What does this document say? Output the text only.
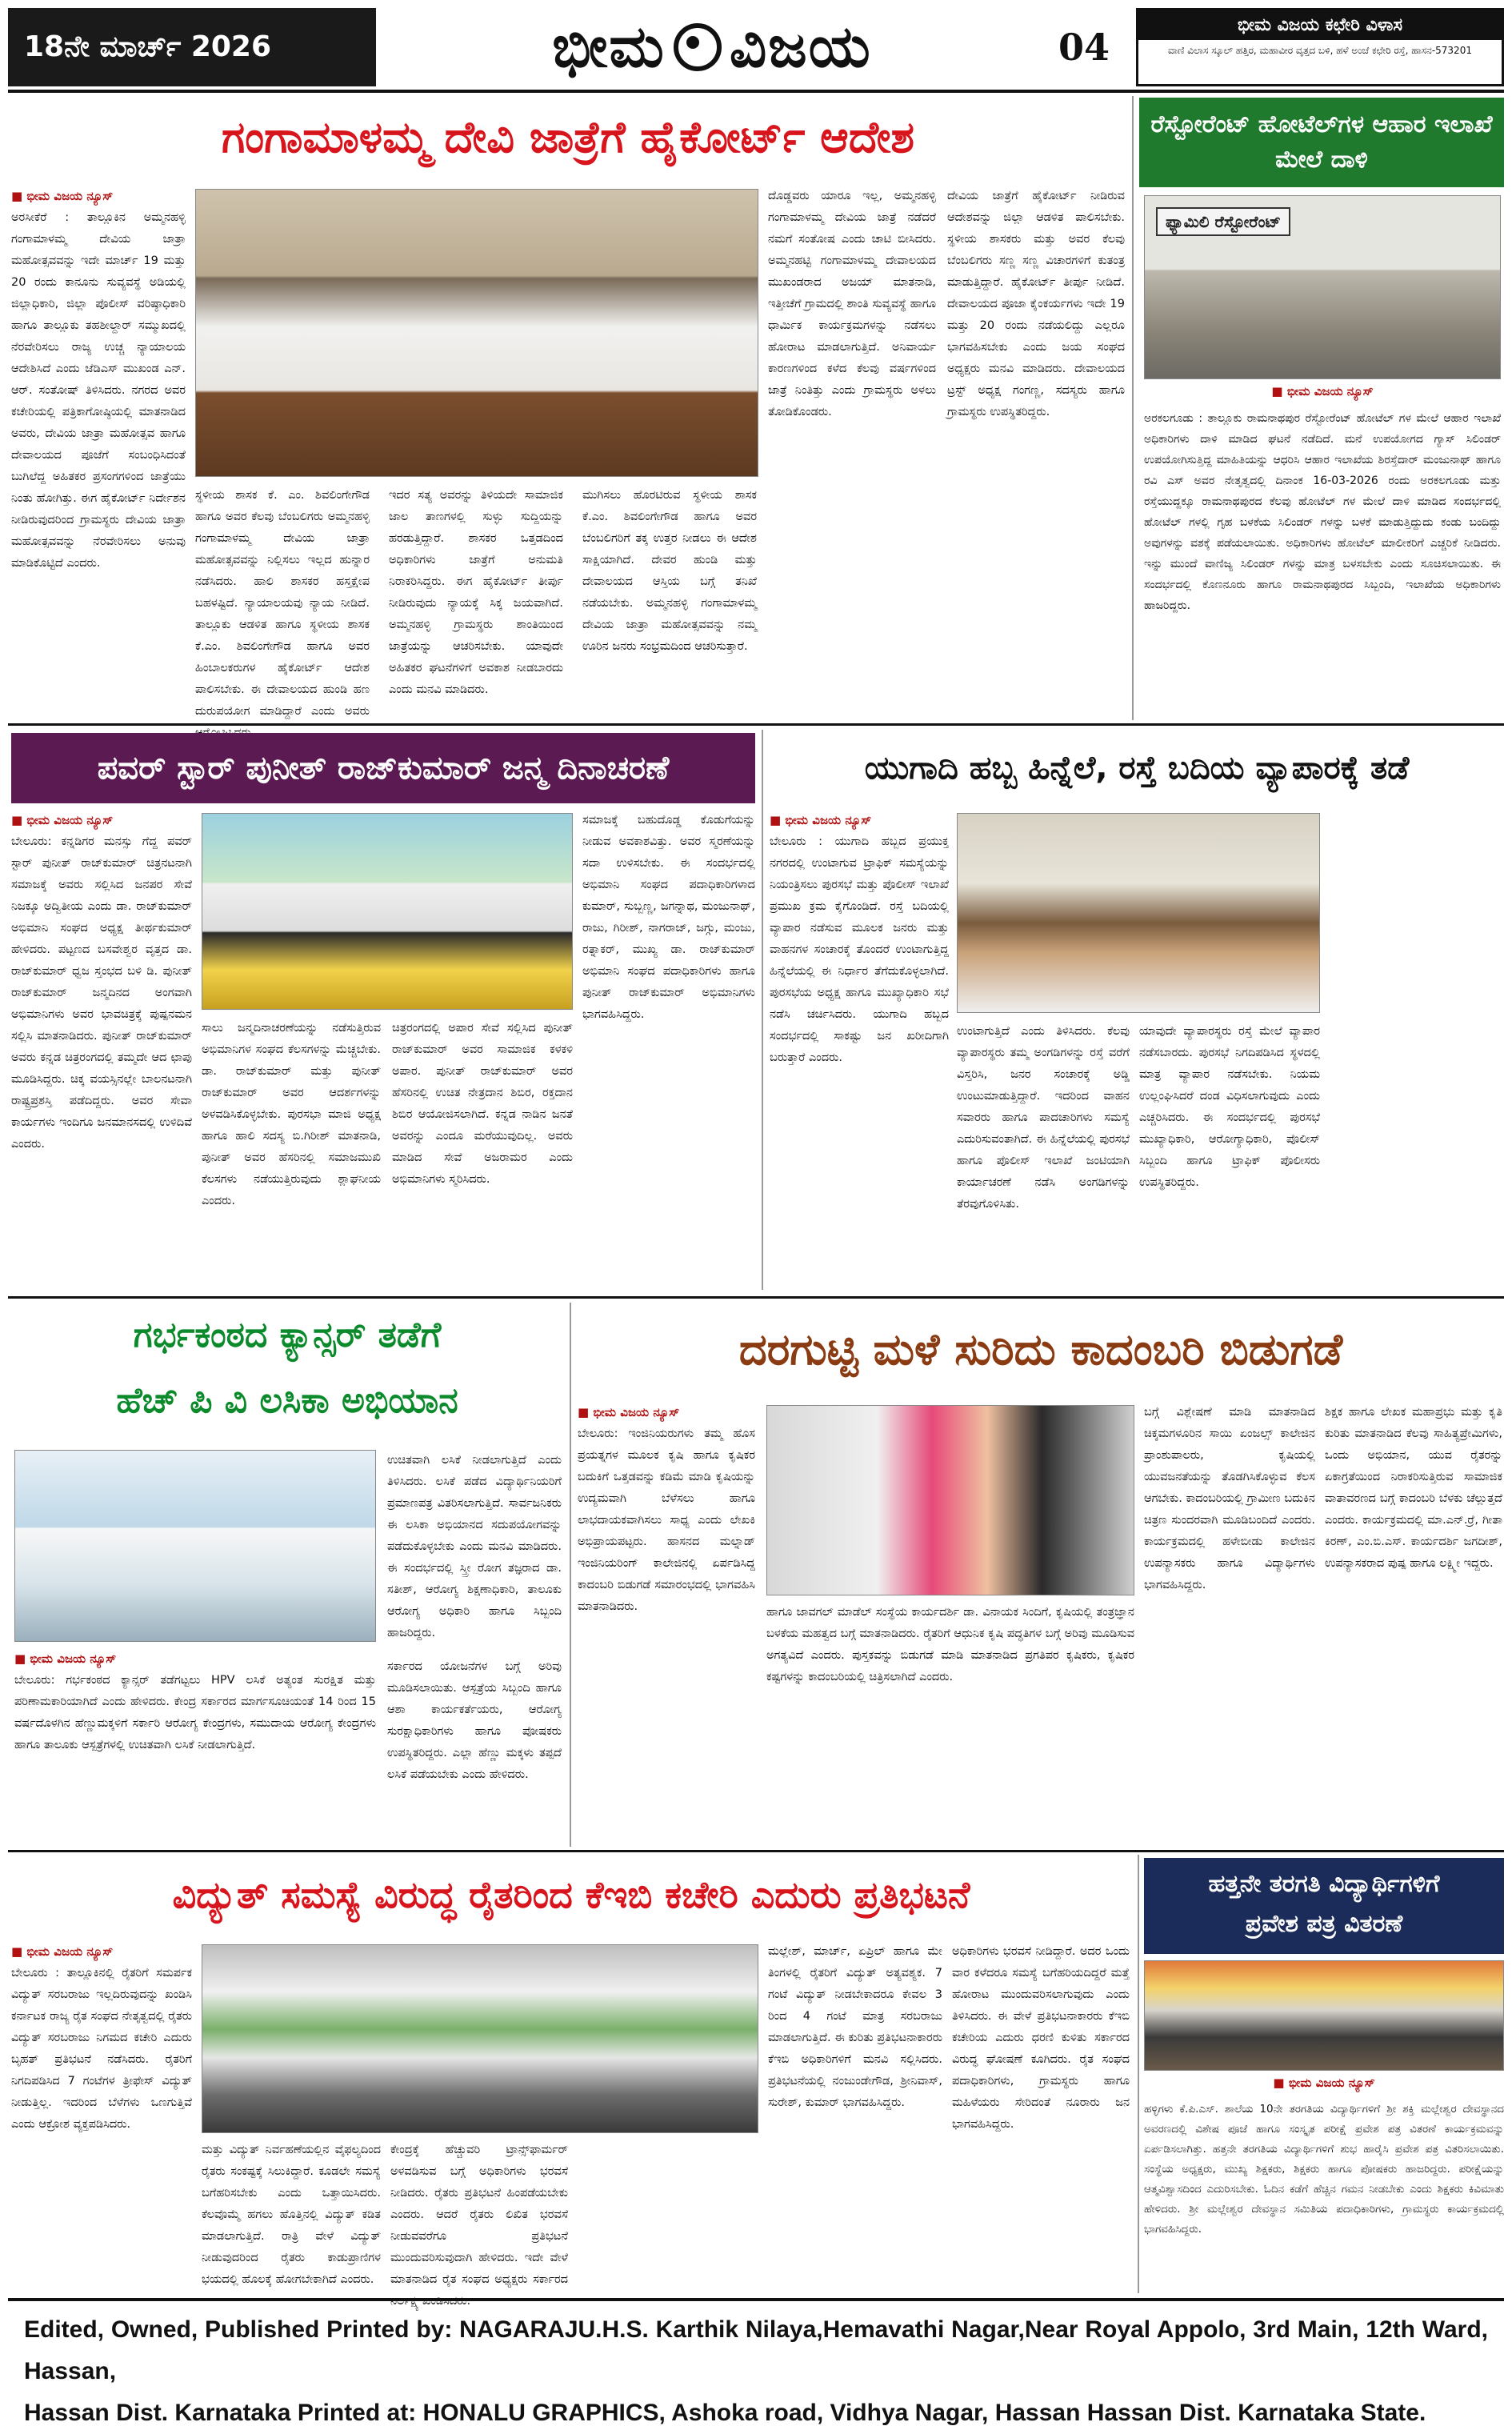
18ನೇ ಮಾರ್ಚ್ 2026	ಭೀಮ ವಿಜಯ	04
ಭೀಮ ವಿಜಯ ಕಛೇರಿ ವಿಳಾಸ
ವಾಣಿ ವಿಲಾಸ ಸ್ಕೂಲ್ ಹತ್ತಿರ, ಮಹಾವೀರ ವೃತ್ತದ ಬಳಿ, ಹಳೆ ಅಂಚೆ ಕಛೇರಿ ರಸ್ತೆ, ಹಾಸನ-573201
ಗಂಗಾಮಾಳಮ್ಮ ದೇವಿ ಜಾತ್ರೆಗೆ ಹೈಕೋರ್ಟ್ ಆದೇಶ
■ ಭೀಮ ವಿಜಯ ನ್ಯೂಸ್
ಅರಸೀಕೆರೆ : ತಾಲ್ಲೂಕಿನ ಅಮ್ಮನಹಳ್ಳಿ ಗಂಗಾಮಾಳಮ್ಮ ದೇವಿಯ ಜಾತ್ರಾ ಮಹೋತ್ಸವವನ್ನು ಇದೇ ಮಾರ್ಚ್ 19 ಮತ್ತು 20 ರಂದು ಕಾನೂನು ಸುವ್ಯವಸ್ಥೆ ಅಡಿಯಲ್ಲಿ ಜಿಲ್ಲಾಧಿಕಾರಿ, ಜಿಲ್ಲಾ ಪೊಲೀಸ್ ವರಿಷ್ಠಾಧಿಕಾರಿ ಹಾಗೂ ತಾಲ್ಲೂಕು ತಹಶೀಲ್ದಾರ್ ಸಮ್ಮುಖದಲ್ಲಿ ನೆರವೇರಿಸಲು ರಾಜ್ಯ ಉಚ್ಚ ನ್ಯಾಯಾಲಯ ಆದೇಶಿಸಿದೆ ಎಂದು ಜೆಡಿಎಸ್ ಮುಖಂಡ ಎನ್. ಆರ್. ಸಂತೋಷ್ ತಿಳಿಸಿದರು. ನಗರದ ಅವರ ಕಚೇರಿಯಲ್ಲಿ ಪತ್ರಿಕಾಗೋಷ್ಠಿಯಲ್ಲಿ ಮಾತನಾಡಿದ ಅವರು, ದೇವಿಯ ಜಾತ್ರಾ ಮಹೋತ್ಸವ ಹಾಗೂ ದೇವಾಲಯದ ಪೂಜೆಗೆ ಸಂಬಂಧಿಸಿದಂತೆ ಬುಗಿಲೆದ್ದ ಅಹಿತಕರ ಪ್ರಸಂಗಗಳಿಂದ ಜಾತ್ರೆಯು ನಿಂತು ಹೋಗಿತ್ತು. ಈಗ ಹೈಕೋರ್ಟ್ ನಿರ್ದೇಶನ ನೀಡಿರುವುದರಿಂದ ಗ್ರಾಮಸ್ಥರು ದೇವಿಯ ಜಾತ್ರಾ ಮಹೋತ್ಸವವನ್ನು ನೆರವೇರಿಸಲು ಅನುವು ಮಾಡಿಕೊಟ್ಟಿದೆ ಎಂದರು.
ಸ್ಥಳೀಯ ಶಾಸಕ ಕೆ. ಎಂ. ಶಿವಲಿಂಗೇಗೌಡ ಹಾಗೂ ಅವರ ಕೆಲವು ಬೆಂಬಲಿಗರು ಅಮ್ಮನಹಳ್ಳಿ ಗಂಗಾಮಾಳಮ್ಮ ದೇವಿಯ ಜಾತ್ರಾ ಮಹೋತ್ಸವವನ್ನು ನಿಲ್ಲಿಸಲು ಇಲ್ಲದ ಹುನ್ನಾರ ನಡೆಸಿದರು. ಹಾಲಿ ಶಾಸಕರ ಹಸ್ತಕ್ಷೇಪ ಬಹಳಷ್ಟಿದೆ. ನ್ಯಾಯಾಲಯವು ನ್ಯಾಯ ನೀಡಿದೆ. ತಾಲ್ಲೂಕು ಆಡಳಿತ ಹಾಗೂ ಸ್ಥಳೀಯ ಶಾಸಕ ಕೆ.ಎಂ. ಶಿವಲಿಂಗೇಗೌಡ ಹಾಗೂ ಅವರ ಹಿಂಬಾಲಕರುಗಳ ಹೈಕೋರ್ಟ್ ಆದೇಶ ಪಾಲಿಸಬೇಕು. ಈ ದೇವಾಲಯದ ಹುಂಡಿ ಹಣ ದುರುಪಯೋಗ ಮಾಡಿದ್ದಾರೆ ಎಂದು ಅವರು
ಇದರ ಸತ್ಯ ಅವರನ್ನು ತಿಳಿಯದೇ ಸಾಮಾಜಿಕ ಜಾಲ ತಾಣಗಳಲ್ಲಿ ಸುಳ್ಳು ಸುದ್ದಿಯನ್ನು ಹರಡುತ್ತಿದ್ದಾರೆ. ಶಾಸಕರ ಒತ್ತಡದಿಂದ ಅಧಿಕಾರಿಗಳು ಜಾತ್ರೆಗೆ ಅನುಮತಿ ನಿರಾಕರಿಸಿದ್ದರು. ಈಗ ಹೈಕೋರ್ಟ್ ತೀರ್ಪು ನೀಡಿರುವುದು ನ್ಯಾಯಕ್ಕೆ ಸಿಕ್ಕ ಜಯವಾಗಿದೆ. ಅಮ್ಮನಹಳ್ಳಿ ಗ್ರಾಮಸ್ಥರು ಶಾಂತಿಯಿಂದ ಜಾತ್ರೆಯನ್ನು ಆಚರಿಸಬೇಕು. ಯಾವುದೇ ಅಹಿತಕರ ಘಟನೆಗಳಿಗೆ ಅವಕಾಶ ನೀಡಬಾರದು ಎಂದು ಮನವಿ ಮಾಡಿದರು.
ಮುಗಿಸಲು ಹೊರಟಿರುವ ಸ್ಥಳೀಯ ಶಾಸಕ ಕೆ.ಎಂ. ಶಿವಲಿಂಗೇಗೌಡ ಹಾಗೂ ಅವರ ಬೆಂಬಲಿಗರಿಗೆ ತಕ್ಕ ಉತ್ತರ ನೀಡಲು ಈ ಆದೇಶ ಸಾಕ್ಷಿಯಾಗಿದೆ. ದೇವರ ಹುಂಡಿ ಮತ್ತು ದೇವಾಲಯದ ಆಸ್ತಿಯ ಬಗ್ಗೆ ತನಿಖೆ ನಡೆಯಬೇಕು. ಅಮ್ಮನಹಳ್ಳಿ ಗಂಗಾಮಾಳಮ್ಮ ದೇವಿಯ ಜಾತ್ರಾ ಮಹೋತ್ಸವವನ್ನು ನಮ್ಮ ಊರಿನ ಜನರು ಸಂಭ್ರಮದಿಂದ ಆಚರಿಸುತ್ತಾರೆ.
ದೊಡ್ಡವರು ಯಾರೂ ಇಲ್ಲ, ಅಮ್ಮನಹಳ್ಳಿ ಗಂಗಾಮಾಳಮ್ಮ ದೇವಿಯ ಜಾತ್ರೆ ನಡೆದರೆ ನಮಗೆ ಸಂತೋಷ ಎಂದು ಚಾಟಿ ಬೀಸಿದರು. ಅಮ್ಮನಹಟ್ಟಿ ಗಂಗಾಮಾಳಮ್ಮ ದೇವಾಲಯದ ಮುಖಂಡರಾದ ಅಜಯ್ ಮಾತನಾಡಿ, ಇತ್ತೀಚೆಗೆ ಗ್ರಾಮದಲ್ಲಿ ಶಾಂತಿ ಸುವ್ಯವಸ್ಥೆ ಹಾಗೂ ಧಾರ್ಮಿಕ ಕಾರ್ಯಕ್ರಮಗಳನ್ನು ನಡೆಸಲು ಹೋರಾಟ ಮಾಡಲಾಗುತ್ತಿದೆ. ಅನಿವಾರ್ಯ ಕಾರಣಗಳಿಂದ ಕಳೆದ ಕೆಲವು ವರ್ಷಗಳಿಂದ ಜಾತ್ರೆ ನಿಂತಿತ್ತು ಎಂದು ಗ್ರಾಮಸ್ಥರು ಅಳಲು ತೋಡಿಕೊಂಡರು.
ದೇವಿಯ ಜಾತ್ರೆಗೆ ಹೈಕೋರ್ಟ್ ನೀಡಿರುವ ಆದೇಶವನ್ನು ಜಿಲ್ಲಾ ಆಡಳಿತ ಪಾಲಿಸಬೇಕು. ಸ್ಥಳೀಯ ಶಾಸಕರು ಮತ್ತು ಅವರ ಕೆಲವು ಬೆಂಬಲಿಗರು ಸಣ್ಣ ಸಣ್ಣ ವಿಚಾರಗಳಿಗೆ ಕುತಂತ್ರ ಮಾಡುತ್ತಿದ್ದಾರೆ. ಹೈಕೋರ್ಟ್ ತೀರ್ಪು ನೀಡಿದೆ. ದೇವಾಲಯದ ಪೂಜಾ ಕೈಂಕರ್ಯಗಳು ಇದೇ 19 ಮತ್ತು 20 ರಂದು ನಡೆಯಲಿದ್ದು ಎಲ್ಲರೂ ಭಾಗವಹಿಸಬೇಕು ಎಂದು ಜಯ ಸಂಘದ ಅಧ್ಯಕ್ಷರು ಮನವಿ ಮಾಡಿದರು. ದೇವಾಲಯದ ಟ್ರಸ್ಟ್ ಅಧ್ಯಕ್ಷ ಗಂಗಣ್ಣ, ಸದಸ್ಯರು ಹಾಗೂ ಗ್ರಾಮಸ್ಥರು ಉಪಸ್ಥಿತರಿದ್ದರು.
ರೆಸ್ಟೋರೆಂಟ್ ಹೋಟೆಲ್‌ಗಳ ಆಹಾರ ಇಲಾಖೆ ಮೇಲೆ ದಾಳಿ
ಫ್ಯಾಮಿಲಿ ರೆಸ್ಟೋರೆಂಟ್
■ ಭೀಮ ವಿಜಯ ನ್ಯೂಸ್
ಅರಕಲಗೂಡು : ತಾಲ್ಲೂಕು ರಾಮನಾಥಪುರ ರೆಸ್ಟೋರೆಂಟ್ ಹೋಟೆಲ್ ಗಳ ಮೇಲೆ ಆಹಾರ ಇಲಾಖೆ ಅಧಿಕಾರಿಗಳು ದಾಳಿ ಮಾಡಿದ ಘಟನೆ ನಡೆದಿದೆ. ಮನೆ ಉಪಯೋಗದ ಗ್ಯಾಸ್ ಸಿಲಿಂಡರ್ ಉಪಯೋಗಿಸುತ್ತಿದ್ದ ಮಾಹಿತಿಯನ್ನು ಆಧರಿಸಿ ಆಹಾರ ಇಲಾಖೆಯ ಶಿರಸ್ತೆದಾರ್ ಮಂಜುನಾಥ್ ಹಾಗೂ ರವಿ ಎಸ್ ಅವರ ನೇತೃತ್ವದಲ್ಲಿ ದಿನಾಂಕ 16-03-2026 ರಂದು ಅರಕಲಗೂಡು ಮತ್ತು ರಸ್ತೆಯುದ್ದಕ್ಕೂ ರಾಮನಾಥಪುರದ ಕೆಲವು ಹೋಟೆಲ್ ಗಳ ಮೇಲೆ ದಾಳಿ ಮಾಡಿದ ಸಂದರ್ಭದಲ್ಲಿ ಹೋಟೆಲ್ ಗಳಲ್ಲಿ ಗೃಹ ಬಳಕೆಯ ಸಿಲಿಂಡರ್ ಗಳನ್ನು ಬಳಕೆ ಮಾಡುತ್ತಿದ್ದುದು ಕಂಡು ಬಂದಿದ್ದು ಅವುಗಳನ್ನು ವಶಕ್ಕೆ ಪಡೆಯಲಾಯಿತು. ಅಧಿಕಾರಿಗಳು ಹೋಟೆಲ್ ಮಾಲೀಕರಿಗೆ ಎಚ್ಚರಿಕೆ ನೀಡಿದರು. ಇನ್ನು ಮುಂದೆ ವಾಣಿಜ್ಯ ಸಿಲಿಂಡರ್ ಗಳನ್ನು ಮಾತ್ರ ಬಳಸಬೇಕು ಎಂದು ಸೂಚಿಸಲಾಯಿತು. ಈ ಸಂದರ್ಭದಲ್ಲಿ ಕೊಣನೂರು ಹಾಗೂ ರಾಮನಾಥಪುರದ ಸಿಬ್ಬಂದಿ, ಇಲಾಖೆಯ ಅಧಿಕಾರಿಗಳು ಹಾಜರಿದ್ದರು.
ಪವರ್ ಸ್ಟಾರ್ ಪುನೀತ್ ರಾಜ್‌ಕುಮಾರ್ ಜನ್ಮ ದಿನಾಚರಣೆ
■ ಭೀಮ ವಿಜಯ ನ್ಯೂಸ್
ಬೇಲೂರು: ಕನ್ನಡಿಗರ ಮನಸ್ಸು ಗೆದ್ದ ಪವರ್ ಸ್ಟಾರ್ ಪುನೀತ್ ರಾಜ್‌ಕುಮಾರ್ ಚಿತ್ರನಟನಾಗಿ ಸಮಾಜಕ್ಕೆ ಅವರು ಸಲ್ಲಿಸಿದ ಜನಪರ ಸೇವೆ ನಿಜಕ್ಕೂ ಅದ್ವಿತೀಯ ಎಂದು ಡಾ. ರಾಜ್‌ಕುಮಾರ್ ಅಭಿಮಾನಿ ಸಂಘದ ಅಧ್ಯಕ್ಷ ತೀರ್ಥಕುಮಾರ್ ಹೇಳಿದರು. ಪಟ್ಟಣದ ಬಸವೇಶ್ವರ ವೃತ್ತದ ಡಾ. ರಾಜ್‌ಕುಮಾರ್ ಧ್ವಜ ಸ್ತಂಭದ ಬಳಿ ಡಿ. ಪುನೀತ್ ರಾಜ್‌ಕುಮಾರ್ ಜನ್ಮದಿನದ ಅಂಗವಾಗಿ ಅಭಿಮಾನಿಗಳು ಅವರ ಭಾವಚಿತ್ರಕ್ಕೆ ಪುಷ್ಪನಮನ ಸಲ್ಲಿಸಿ ಮಾತನಾಡಿದರು. ಪುನೀತ್ ರಾಜ್‌ಕುಮಾರ್ ಅವರು ಕನ್ನಡ ಚಿತ್ರರಂಗದಲ್ಲಿ ತಮ್ಮದೇ ಆದ ಛಾಪು ಮೂಡಿಸಿದ್ದರು. ಚಿಕ್ಕ ವಯಸ್ಸಿನಲ್ಲೇ ಬಾಲನಟನಾಗಿ ರಾಷ್ಟ್ರಪ್ರಶಸ್ತಿ ಪಡೆದಿದ್ದರು. ಅವರ ಸೇವಾ ಕಾರ್ಯಗಳು ಇಂದಿಗೂ ಜನಮಾನಸದಲ್ಲಿ ಉಳಿದಿವೆ ಎಂದರು.
ಸಾಲು ಜನ್ಮದಿನಾಚರಣೆಯನ್ನು ನಡೆಸುತ್ತಿರುವ ಅಭಿಮಾನಿಗಳ ಸಂಘದ ಕೆಲಸಗಳನ್ನು ಮೆಚ್ಚಬೇಕು. ಡಾ. ರಾಜ್‌ಕುಮಾರ್ ಮತ್ತು ಪುನೀತ್ ರಾಜ್‌ಕುಮಾರ್ ಅವರ ಆದರ್ಶಗಳನ್ನು ಅಳವಡಿಸಿಕೊಳ್ಳಬೇಕು. ಪುರಸಭಾ ಮಾಜಿ ಅಧ್ಯಕ್ಷ ಹಾಗೂ ಹಾಲಿ ಸದಸ್ಯ ಬಿ.ಗಿರೀಶ್ ಮಾತನಾಡಿ, ಪುನೀತ್ ಅವರ ಹೆಸರಿನಲ್ಲಿ ಸಮಾಜಮುಖಿ ಕೆಲಸಗಳು ನಡೆಯುತ್ತಿರುವುದು ಶ್ಲಾಘನೀಯ ಎಂದರು.
ಚಿತ್ರರಂಗದಲ್ಲಿ ಅಪಾರ ಸೇವೆ ಸಲ್ಲಿಸಿದ ಪುನೀತ್ ರಾಜ್‌ಕುಮಾರ್ ಅವರ ಸಾಮಾಜಿಕ ಕಳಕಳಿ ಅಪಾರ. ಪುನೀತ್ ರಾಜ್‌ಕುಮಾರ್ ಅವರ ಹೆಸರಿನಲ್ಲಿ ಉಚಿತ ನೇತ್ರದಾನ ಶಿಬಿರ, ರಕ್ತದಾನ ಶಿಬಿರ ಆಯೋಜಿಸಲಾಗಿದೆ. ಕನ್ನಡ ನಾಡಿನ ಜನತೆ ಅವರನ್ನು ಎಂದೂ ಮರೆಯುವುದಿಲ್ಲ. ಅವರು ಮಾಡಿದ ಸೇವೆ ಅಜರಾಮರ ಎಂದು ಅಭಿಮಾನಿಗಳು ಸ್ಮರಿಸಿದರು.
ಸಮಾಜಕ್ಕೆ ಬಹುದೊಡ್ಡ ಕೊಡುಗೆಯನ್ನು ನೀಡುವ ಅವಕಾಶವಿತ್ತು. ಅವರ ಸ್ಮರಣೆಯನ್ನು ಸದಾ ಉಳಿಸಬೇಕು. ಈ ಸಂದರ್ಭದಲ್ಲಿ ಅಭಿಮಾನಿ ಸಂಘದ ಪದಾಧಿಕಾರಿಗಳಾದ ಕುಮಾರ್, ಸುಬ್ಬಣ್ಣ, ಜಗನ್ನಾಥ, ಮಂಜುನಾಥ್, ರಾಜು, ಗಿರೀಶ್, ನಾಗರಾಜ್, ಜಗ್ಗು, ಮಂಜು, ರತ್ನಾಕರ್, ಮುಖ್ಯ ಡಾ. ರಾಜ್‌ಕುಮಾರ್ ಅಭಿಮಾನಿ ಸಂಘದ ಪದಾಧಿಕಾರಿಗಳು ಹಾಗೂ ಪುನೀತ್ ರಾಜ್‌ಕುಮಾರ್ ಅಭಿಮಾನಿಗಳು ಭಾಗವಹಿಸಿದ್ದರು.
ಯುಗಾದಿ ಹಬ್ಬ ಹಿನ್ನೆಲೆ, ರಸ್ತೆ ಬದಿಯ ವ್ಯಾಪಾರಕ್ಕೆ ತಡೆ
■ ಭೀಮ ವಿಜಯ ನ್ಯೂಸ್
ಬೇಲೂರು : ಯುಗಾದಿ ಹಬ್ಬದ ಪ್ರಯುಕ್ತ ನಗರದಲ್ಲಿ ಉಂಟಾಗುವ ಟ್ರಾಫಿಕ್ ಸಮಸ್ಯೆಯನ್ನು ನಿಯಂತ್ರಿಸಲು ಪುರಸಭೆ ಮತ್ತು ಪೊಲೀಸ್ ಇಲಾಖೆ ಪ್ರಮುಖ ಕ್ರಮ ಕೈಗೊಂಡಿದೆ. ರಸ್ತೆ ಬದಿಯಲ್ಲಿ ವ್ಯಾಪಾರ ನಡೆಸುವ ಮೂಲಕ ಜನರು ಮತ್ತು ವಾಹನಗಳ ಸಂಚಾರಕ್ಕೆ ತೊಂದರೆ ಉಂಟಾಗುತ್ತಿದ್ದ ಹಿನ್ನೆಲೆಯಲ್ಲಿ ಈ ನಿರ್ಧಾರ ತೆಗೆದುಕೊಳ್ಳಲಾಗಿದೆ. ಪುರಸಭೆಯ ಅಧ್ಯಕ್ಷ ಹಾಗೂ ಮುಖ್ಯಾಧಿಕಾರಿ ಸಭೆ ನಡೆಸಿ ಚರ್ಚಿಸಿದರು. ಯುಗಾದಿ ಹಬ್ಬದ ಸಂದರ್ಭದಲ್ಲಿ ಸಾಕಷ್ಟು ಜನ ಖರೀದಿಗಾಗಿ ಬರುತ್ತಾರೆ ಎಂದರು.
ಉಂಟಾಗುತ್ತಿದೆ ಎಂದು ತಿಳಿಸಿದರು. ಕೆಲವು ವ್ಯಾಪಾರಸ್ಥರು ತಮ್ಮ ಅಂಗಡಿಗಳನ್ನು ರಸ್ತೆ ವರೆಗೆ ವಿಸ್ತರಿಸಿ, ಜನರ ಸಂಚಾರಕ್ಕೆ ಅಡ್ಡಿ ಉಂಟುಮಾಡುತ್ತಿದ್ದಾರೆ. ಇದರಿಂದ ವಾಹನ ಸವಾರರು ಹಾಗೂ ಪಾದಚಾರಿಗಳು ಸಮಸ್ಯೆ ಎದುರಿಸುವಂತಾಗಿದೆ. ಈ ಹಿನ್ನೆಲೆಯಲ್ಲಿ ಪುರಸಭೆ ಹಾಗೂ ಪೊಲೀಸ್ ಇಲಾಖೆ ಜಂಟಿಯಾಗಿ ಕಾರ್ಯಾಚರಣೆ ನಡೆಸಿ ಅಂಗಡಿಗಳನ್ನು ತೆರವುಗೊಳಿಸಿತು.
ಯಾವುದೇ ವ್ಯಾಪಾರಸ್ಥರು ರಸ್ತೆ ಮೇಲೆ ವ್ಯಾಪಾರ ನಡೆಸಬಾರದು. ಪುರಸಭೆ ನಿಗದಿಪಡಿಸಿದ ಸ್ಥಳದಲ್ಲಿ ಮಾತ್ರ ವ್ಯಾಪಾರ ನಡೆಸಬೇಕು. ನಿಯಮ ಉಲ್ಲಂಘಿಸಿದರೆ ದಂಡ ವಿಧಿಸಲಾಗುವುದು ಎಂದು ಎಚ್ಚರಿಸಿದರು. ಈ ಸಂದರ್ಭದಲ್ಲಿ ಪುರಸಭೆ ಮುಖ್ಯಾಧಿಕಾರಿ, ಆರೋಗ್ಯಾಧಿಕಾರಿ, ಪೊಲೀಸ್ ಸಿಬ್ಬಂದಿ ಹಾಗೂ ಟ್ರಾಫಿಕ್ ಪೊಲೀಸರು ಉಪಸ್ಥಿತರಿದ್ದರು.
ಗರ್ಭಕಂಠದ ಕ್ಯಾನ್ಸರ್ ತಡೆಗೆ
ಹೆಚ್ ಪಿ ವಿ ಲಸಿಕಾ ಅಭಿಯಾನ
■ ಭೀಮ ವಿಜಯ ನ್ಯೂಸ್
ಬೇಲೂರು: ಗರ್ಭಕಂಠದ ಕ್ಯಾನ್ಸರ್ ತಡೆಗಟ್ಟಲು HPV ಲಸಿಕೆ ಅತ್ಯಂತ ಸುರಕ್ಷಿತ ಮತ್ತು ಪರಿಣಾಮಕಾರಿಯಾಗಿದೆ ಎಂದು ಹೇಳಿದರು. ಕೇಂದ್ರ ಸರ್ಕಾರದ ಮಾರ್ಗಸೂಚಿಯಂತೆ 14 ರಿಂದ 15 ವರ್ಷದೊಳಗಿನ ಹೆಣ್ಣುಮಕ್ಕಳಿಗೆ ಸರ್ಕಾರಿ ಆರೋಗ್ಯ ಕೇಂದ್ರಗಳು, ಸಮುದಾಯ ಆರೋಗ್ಯ ಕೇಂದ್ರಗಳು ಹಾಗೂ ತಾಲೂಕು ಆಸ್ಪತ್ರೆಗಳಲ್ಲಿ ಉಚಿತವಾಗಿ ಲಸಿಕೆ ನೀಡಲಾಗುತ್ತಿದೆ.
ಉಚಿತವಾಗಿ ಲಸಿಕೆ ನೀಡಲಾಗುತ್ತಿದೆ ಎಂದು ತಿಳಿಸಿದರು. ಲಸಿಕೆ ಪಡೆದ ವಿದ್ಯಾರ್ಥಿನಿಯರಿಗೆ ಪ್ರಮಾಣಪತ್ರ ವಿತರಿಸಲಾಗುತ್ತಿದೆ. ಸಾರ್ವಜನಿಕರು ಈ ಲಸಿಕಾ ಅಭಿಯಾನದ ಸದುಪಯೋಗವನ್ನು ಪಡೆದುಕೊಳ್ಳಬೇಕು ಎಂದು ಮನವಿ ಮಾಡಿದರು. ಈ ಸಂದರ್ಭದಲ್ಲಿ ಸ್ತ್ರೀ ರೋಗ ತಜ್ಞರಾದ ಡಾ. ಸತೀಶ್, ಆರೋಗ್ಯ ಶಿಕ್ಷಣಾಧಿಕಾರಿ, ತಾಲೂಕು ಆರೋಗ್ಯ ಅಧಿಕಾರಿ ಹಾಗೂ ಸಿಬ್ಬಂದಿ ಹಾಜರಿದ್ದರು.
ಸರ್ಕಾರದ ಯೋಜನೆಗಳ ಬಗ್ಗೆ ಅರಿವು ಮೂಡಿಸಲಾಯಿತು. ಆಸ್ಪತ್ರೆಯ ಸಿಬ್ಬಂದಿ ಹಾಗೂ ಆಶಾ ಕಾರ್ಯಕರ್ತೆಯರು, ಆರೋಗ್ಯ ಸುರಕ್ಷಾಧಿಕಾರಿಗಳು ಹಾಗೂ ಪೋಷಕರು ಉಪಸ್ಥಿತರಿದ್ದರು. ಎಲ್ಲಾ ಹೆಣ್ಣು ಮಕ್ಕಳು ತಪ್ಪದೆ ಲಸಿಕೆ ಪಡೆಯಬೇಕು ಎಂದು ಹೇಳಿದರು.
ದರಗುಟ್ಟಿ ಮಳೆ ಸುರಿದು ಕಾದಂಬರಿ ಬಿಡುಗಡೆ
■ ಭೀಮ ವಿಜಯ ನ್ಯೂಸ್
ಬೇಲೂರು: ಇಂಜಿನಿಯರುಗಳು ತಮ್ಮ ಹೊಸ ಪ್ರಯತ್ನಗಳ ಮೂಲಕ ಕೃಷಿ ಹಾಗೂ ಕೃಷಿಕರ ಬದುಕಿಗೆ ಒತ್ತಡವನ್ನು ಕಡಿಮೆ ಮಾಡಿ ಕೃಷಿಯನ್ನು ಉದ್ಯಮವಾಗಿ ಬೆಳೆಸಲು ಹಾಗೂ ಲಾಭದಾಯಕವಾಗಿಸಲು ಸಾಧ್ಯ ಎಂದು ಲೇಖಕಿ ಅಭಿಪ್ರಾಯಪಟ್ಟರು. ಹಾಸನದ ಮಲ್ನಾಡ್ ಇಂಜಿನಿಯರಿಂಗ್ ಕಾಲೇಜಿನಲ್ಲಿ ಏರ್ಪಡಿಸಿದ್ದ ಕಾದಂಬರಿ ಬಿಡುಗಡೆ ಸಮಾರಂಭದಲ್ಲಿ ಭಾಗವಹಿಸಿ ಮಾತನಾಡಿದರು.	ಹಾಗೂ ಜಾವಗಲ್ ಮಾಡೆಲ್ ಸಂಸ್ಥೆಯ ಕಾರ್ಯದರ್ಶಿ ಡಾ. ವಿನಾಯಕ ಸಿಂದಿಗೆ, ಕೃಷಿಯಲ್ಲಿ ತಂತ್ರಜ್ಞಾನ ಬಳಕೆಯ ಮಹತ್ವದ ಬಗ್ಗೆ ಮಾತನಾಡಿದರು. ರೈತರಿಗೆ ಆಧುನಿಕ ಕೃಷಿ ಪದ್ಧತಿಗಳ ಬಗ್ಗೆ ಅರಿವು ಮೂಡಿಸುವ ಅಗತ್ಯವಿದೆ ಎಂದರು. ಪುಸ್ತಕವನ್ನು ಬಿಡುಗಡೆ ಮಾಡಿ ಮಾತನಾಡಿದ ಪ್ರಗತಿಪರ ಕೃಷಿಕರು, ಕೃಷಿಕರ ಕಷ್ಟಗಳನ್ನು ಕಾದಂಬರಿಯಲ್ಲಿ ಚಿತ್ರಿಸಲಾಗಿದೆ ಎಂದರು.
ಬಗ್ಗೆ ವಿಶ್ಲೇಷಣೆ ಮಾಡಿ ಮಾತನಾಡಿದ ಚಿಕ್ಕಮಗಳೂರಿನ ಸಾಯಿ ಏಂಜಲ್ಸ್ ಕಾಲೇಜಿನ ಪ್ರಾಂಶುಪಾಲರು, ಕೃಷಿಯಲ್ಲಿ ಯುವಜನತೆಯನ್ನು ತೊಡಗಿಸಿಕೊಳ್ಳುವ ಕೆಲಸ ಆಗಬೇಕು. ಕಾದಂಬರಿಯಲ್ಲಿ ಗ್ರಾಮೀಣ ಬದುಕಿನ ಚಿತ್ರಣ ಸುಂದರವಾಗಿ ಮೂಡಿಬಂದಿದೆ ಎಂದರು. ಕಾರ್ಯಕ್ರಮದಲ್ಲಿ ಹಳೇಬೀಡು ಕಾಲೇಜಿನ ಉಪನ್ಯಾಸಕರು ಹಾಗೂ ವಿದ್ಯಾರ್ಥಿಗಳು ಭಾಗವಹಿಸಿದ್ದರು.
ಶಿಕ್ಷಕ ಹಾಗೂ ಲೇಖಕ ಮಹಾಪ್ರಭು ಮತ್ತು ಕೃತಿ ಕುರಿತು ಮಾತನಾಡಿದ ಕೆಲವು ಸಾಹಿತ್ಯಪ್ರೇಮಿಗಳು, ಒಂದು ಅಭಿಯಾನ, ಯುವ ರೈತರನ್ನು ಏಕಾಗ್ರತೆಯಿಂದ ನಿರಾಕರಿಸುತ್ತಿರುವ ಸಾಮಾಜಿಕ ವಾತಾವರಣದ ಬಗ್ಗೆ ಕಾದಂಬರಿ ಬೆಳಕು ಚೆಲ್ಲುತ್ತದೆ ಎಂದರು. ಕಾರ್ಯಕ್ರಮದಲ್ಲಿ ಮಾ.ಎನ್.ರ್ರೆ, ಗೀತಾ ಕಿರಣ್, ಎಂ.ಬಿ.ಎಸ್. ಕಾರ್ಯದರ್ಶಿ ಜಗದೀಶ್, ಉಪನ್ಯಾಸಕರಾದ ಪುಷ್ಪ ಹಾಗೂ ಲಕ್ಷ್ಮೀ ಇದ್ದರು.
ವಿದ್ಯುತ್ ಸಮಸ್ಯೆ ವಿರುದ್ಧ ರೈತರಿಂದ ಕೆಇಬಿ ಕಚೇರಿ ಎದುರು ಪ್ರತಿಭಟನೆ
■ ಭೀಮ ವಿಜಯ ನ್ಯೂಸ್
ಬೇಲೂರು : ತಾಲ್ಲೂಕಿನಲ್ಲಿ ರೈತರಿಗೆ ಸಮರ್ಪಕ ವಿದ್ಯುತ್ ಸರಬರಾಜು ಇಲ್ಲದಿರುವುದನ್ನು ಖಂಡಿಸಿ ಕರ್ನಾಟಕ ರಾಜ್ಯ ರೈತ ಸಂಘದ ನೇತೃತ್ವದಲ್ಲಿ ರೈತರು ವಿದ್ಯುತ್ ಸರಬರಾಜು ನಿಗಮದ ಕಚೇರಿ ಎದುರು ಬೃಹತ್ ಪ್ರತಿಭಟನೆ ನಡೆಸಿದರು. ರೈತರಿಗೆ ನಿಗದಿಪಡಿಸಿದ 7 ಗಂಟೆಗಳ ತ್ರೀಫೇಸ್ ವಿದ್ಯುತ್ ನೀಡುತ್ತಿಲ್ಲ. ಇದರಿಂದ ಬೆಳೆಗಳು ಒಣಗುತ್ತಿವೆ ಎಂದು ಆಕ್ರೋಶ ವ್ಯಕ್ತಪಡಿಸಿದರು.
ಮತ್ತು ವಿದ್ಯುತ್ ನಿರ್ವಹಣೆಯಲ್ಲಿನ ವೈಫಲ್ಯದಿಂದ ರೈತರು ಸಂಕಷ್ಟಕ್ಕೆ ಸಿಲುಕಿದ್ದಾರೆ. ಕೂಡಲೇ ಸಮಸ್ಯೆ ಬಗೆಹರಿಸಬೇಕು ಎಂದು ಒತ್ತಾಯಿಸಿದರು. ಕೆಲವೊಮ್ಮೆ ಹಗಲು ಹೊತ್ತಿನಲ್ಲಿ ವಿದ್ಯುತ್ ಕಡಿತ ಮಾಡಲಾಗುತ್ತಿದೆ. ರಾತ್ರಿ ವೇಳೆ ವಿದ್ಯುತ್ ನೀಡುವುದರಿಂದ ರೈತರು ಕಾಡುಪ್ರಾಣಿಗಳ ಭಯದಲ್ಲಿ ಹೊಲಕ್ಕೆ ಹೋಗಬೇಕಾಗಿದೆ ಎಂದರು.
ಕೇಂದ್ರಕ್ಕೆ ಹೆಚ್ಚುವರಿ ಟ್ರಾನ್ಸ್‌ಫಾರ್ಮರ್ ಅಳವಡಿಸುವ ಬಗ್ಗೆ ಅಧಿಕಾರಿಗಳು ಭರವಸೆ ನೀಡಿದರು. ರೈತರು ಪ್ರತಿಭಟನೆ ಹಿಂಪಡೆಯಬೇಕು ಎಂದರು. ಆದರೆ ರೈತರು ಲಿಖಿತ ಭರವಸೆ ನೀಡುವವರೆಗೂ ಪ್ರತಿಭಟನೆ ಮುಂದುವರಿಸುವುದಾಗಿ ಹೇಳಿದರು. ಇದೇ ವೇಳೆ ಮಾತನಾಡಿದ ರೈತ ಸಂಘದ ಅಧ್ಯಕ್ಷರು ಸರ್ಕಾರದ ನಿರ್ಲಕ್ಷ್ಯ ಖಂಡಿಸಿದರು.
ಮಲ್ಲೇಶ್, ಮಾರ್ಚ್, ಏಪ್ರಿಲ್ ಹಾಗೂ ಮೇ ತಿಂಗಳಲ್ಲಿ ರೈತರಿಗೆ ವಿದ್ಯುತ್ ಅತ್ಯವಶ್ಯಕ. 7 ಗಂಟೆ ವಿದ್ಯುತ್ ನೀಡಬೇಕಾದರೂ ಕೇವಲ 3 ರಿಂದ 4 ಗಂಟೆ ಮಾತ್ರ ಸರಬರಾಜು ಮಾಡಲಾಗುತ್ತಿದೆ. ಈ ಕುರಿತು ಪ್ರತಿಭಟನಾಕಾರರು ಕೆಇಬಿ ಅಧಿಕಾರಿಗಳಿಗೆ ಮನವಿ ಸಲ್ಲಿಸಿದರು. ಪ್ರತಿಭಟನೆಯಲ್ಲಿ ನಂಜುಂಡೇಗೌಡ, ಶ್ರೀನಿವಾಸ್, ಸುರೇಶ್, ಕುಮಾರ್ ಭಾಗವಹಿಸಿದ್ದರು.
ಅಧಿಕಾರಿಗಳು ಭರವಸೆ ನೀಡಿದ್ದಾರೆ. ಅದರ ಒಂದು ವಾರ ಕಳೆದರೂ ಸಮಸ್ಯೆ ಬಗೆಹರಿಯದಿದ್ದರೆ ಮತ್ತೆ ಹೋರಾಟ ಮುಂದುವರಿಸಲಾಗುವುದು ಎಂದು ತಿಳಿಸಿದರು. ಈ ವೇಳೆ ಪ್ರತಿಭಟನಾಕಾರರು ಕೆಇಬಿ ಕಚೇರಿಯ ಎದುರು ಧರಣಿ ಕುಳಿತು ಸರ್ಕಾರದ ವಿರುದ್ಧ ಘೋಷಣೆ ಕೂಗಿದರು. ರೈತ ಸಂಘದ ಪದಾಧಿಕಾರಿಗಳು, ಗ್ರಾಮಸ್ಥರು ಹಾಗೂ ಮಹಿಳೆಯರು ಸೇರಿದಂತೆ ನೂರಾರು ಜನ ಭಾಗವಹಿಸಿದ್ದರು.
ಹತ್ತನೇ ತರಗತಿ ವಿದ್ಯಾರ್ಥಿಗಳಿಗೆ
ಪ್ರವೇಶ ಪತ್ರ ವಿತರಣೆ
■ ಭೀಮ ವಿಜಯ ನ್ಯೂಸ್
ಹಳ್ಳಿಗಳು ಕೆ.ಪಿ.ಎಸ್. ಶಾಲೆಯ 10ನೇ ತರಗತಿಯ ವಿದ್ಯಾರ್ಥಿಗಳಿಗೆ ಶ್ರೀ ಶಕ್ತಿ ಮಲ್ಲೇಶ್ವರ ದೇವಸ್ಥಾನದ ಅವರಣದಲ್ಲಿ ವಿಶೇಷ ಪೂಜೆ ಹಾಗೂ ಸಂಸ್ಕೃತ ಪರೀಕ್ಷೆ ಪ್ರವೇಶ ಪತ್ರ ವಿತರಣೆ ಕಾರ್ಯಕ್ರಮವನ್ನು ಏರ್ಪಡಿಸಲಾಗಿತ್ತು. ಹತ್ತನೇ ತರಗತಿಯ ವಿದ್ಯಾರ್ಥಿಗಳಿಗೆ ಶುಭ ಹಾರೈಸಿ ಪ್ರವೇಶ ಪತ್ರ ವಿತರಿಸಲಾಯಿತು. ಸಂಸ್ಥೆಯ ಅಧ್ಯಕ್ಷರು, ಮುಖ್ಯ ಶಿಕ್ಷಕರು, ಶಿಕ್ಷಕರು ಹಾಗೂ ಪೋಷಕರು ಹಾಜರಿದ್ದರು. ಪರೀಕ್ಷೆಯನ್ನು ಆತ್ಮವಿಶ್ವಾಸದಿಂದ ಎದುರಿಸಬೇಕು. ಓದಿನ ಕಡೆಗೆ ಹೆಚ್ಚಿನ ಗಮನ ನೀಡಬೇಕು ಎಂದು ಶಿಕ್ಷಕರು ಕಿವಿಮಾತು ಹೇಳಿದರು. ಶ್ರೀ ಮಲ್ಲೇಶ್ವರ ದೇವಸ್ಥಾನ ಸಮಿತಿಯ ಪದಾಧಿಕಾರಿಗಳು, ಗ್ರಾಮಸ್ಥರು ಕಾರ್ಯಕ್ರಮದಲ್ಲಿ ಭಾಗವಹಿಸಿದ್ದರು.
Edited, Owned, Published Printed by: NAGARAJU.H.S. Karthik Nilaya,Hemavathi Nagar,Near Royal Appolo, 3rd Main, 12th Ward, Hassan,
Hassan Dist. Karnataka Printed at: HONALU GRAPHICS, Ashoka road, Vidhya Nagar, Hassan Hassan Dist. Karnataka State.
